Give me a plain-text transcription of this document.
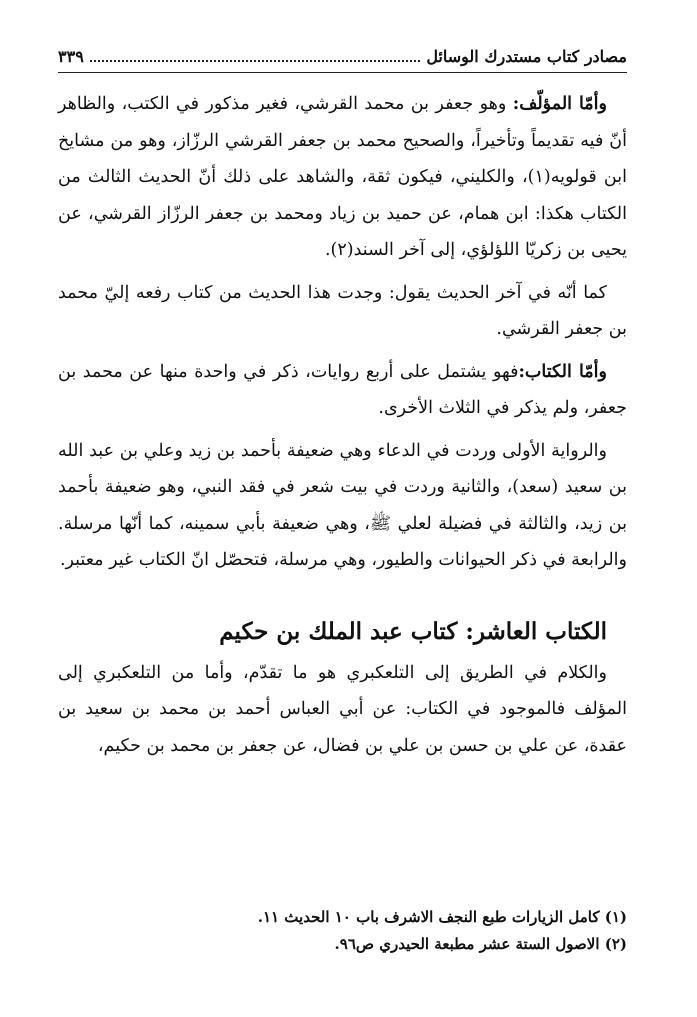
مصادر كتاب مستدرك الوسائل
٣٣٩

وأمّا المؤلّف: وهو جعفر بن محمد القرشي، فغير مذكور في الكتب، والظاهر أنّ فيه تقديماً وتأخيراً، والصحيح محمد بن جعفر القرشي الرزّاز، وهو من مشايخ ابن قولويه(١)، والكليني، فيكون ثقة، والشاهد على ذلك أنّ الحديث الثالث من الكتاب هكذا: ابن همام، عن حميد بن زياد ومحمد بن جعفر الرزّاز القرشي، عن يحيى بن زكريّا اللؤلؤي، إلى آخر السند(٢).

كما أنّه في آخر الحديث يقول: وجدت هذا الحديث من كتاب رفعه إليّ محمد بن جعفر القرشي.

وأمّا الكتاب:فهو يشتمل على أربع روايات، ذكر في واحدة منها عن محمد بن جعفر، ولم يذكر في الثلاث الأخرى.

والرواية الأولى وردت في الدعاء وهي ضعيفة بأحمد بن زيد وعلي بن عبد الله بن سعيد (سعد)، والثانية وردت في بيت شعر في فقد النبي، وهو ضعيفة بأحمد بن زيد، والثالثة في فضيلة لعلي ﷺ، وهي ضعيفة بأبي سمينه، كما أنّها مرسلة. والرابعة في ذكر الحيوانات والطيور، وهي مرسلة، فتحصّل انّ الكتاب غير معتبر.

الكتاب العاشر: كتاب عبد الملك بن حكيم

والكلام في الطريق إلى التلعكبري هو ما تقدّم، وأما من التلعكبري إلى المؤلف فالموجود في الكتاب: عن أبي العباس أحمد بن محمد بن سعيد بن عقدة، عن علي بن حسن بن علي بن فضال، عن جعفر بن محمد بن حكيم،

(١) كامل الزيارات طبع النجف الاشرف باب ١٠ الحديث ١١.

(٢) الاصول الستة عشر مطبعة الحيدري ص٩٦.
